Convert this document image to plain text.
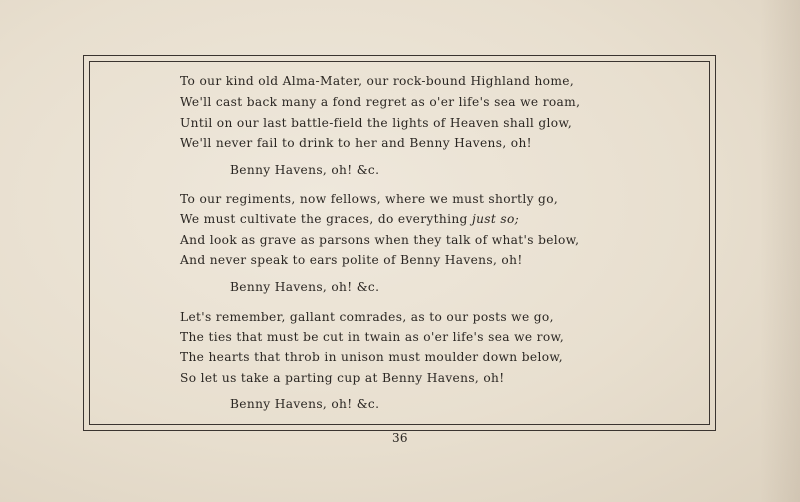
To our kind old Alma-Mater, our rock-bound Highland home,
We'll cast back many a fond regret as o'er life's sea we roam,
Until on our last battle-field the lights of Heaven shall glow,
We'll never fail to drink to her and Benny Havens, oh!
Benny Havens, oh! &c.
To our regiments, now fellows, where we must shortly go,
We must cultivate the graces, do everything just so;
And look as grave as parsons when they talk of what's below,
And never speak to ears polite of Benny Havens, oh!
Benny Havens, oh! &c.
Let's remember, gallant comrades, as to our posts we go,
The ties that must be cut in twain as o'er life's sea we row,
The hearts that throb in unison must moulder down below,
So let us take a parting cup at Benny Havens, oh!
Benny Havens, oh! &c.
36
